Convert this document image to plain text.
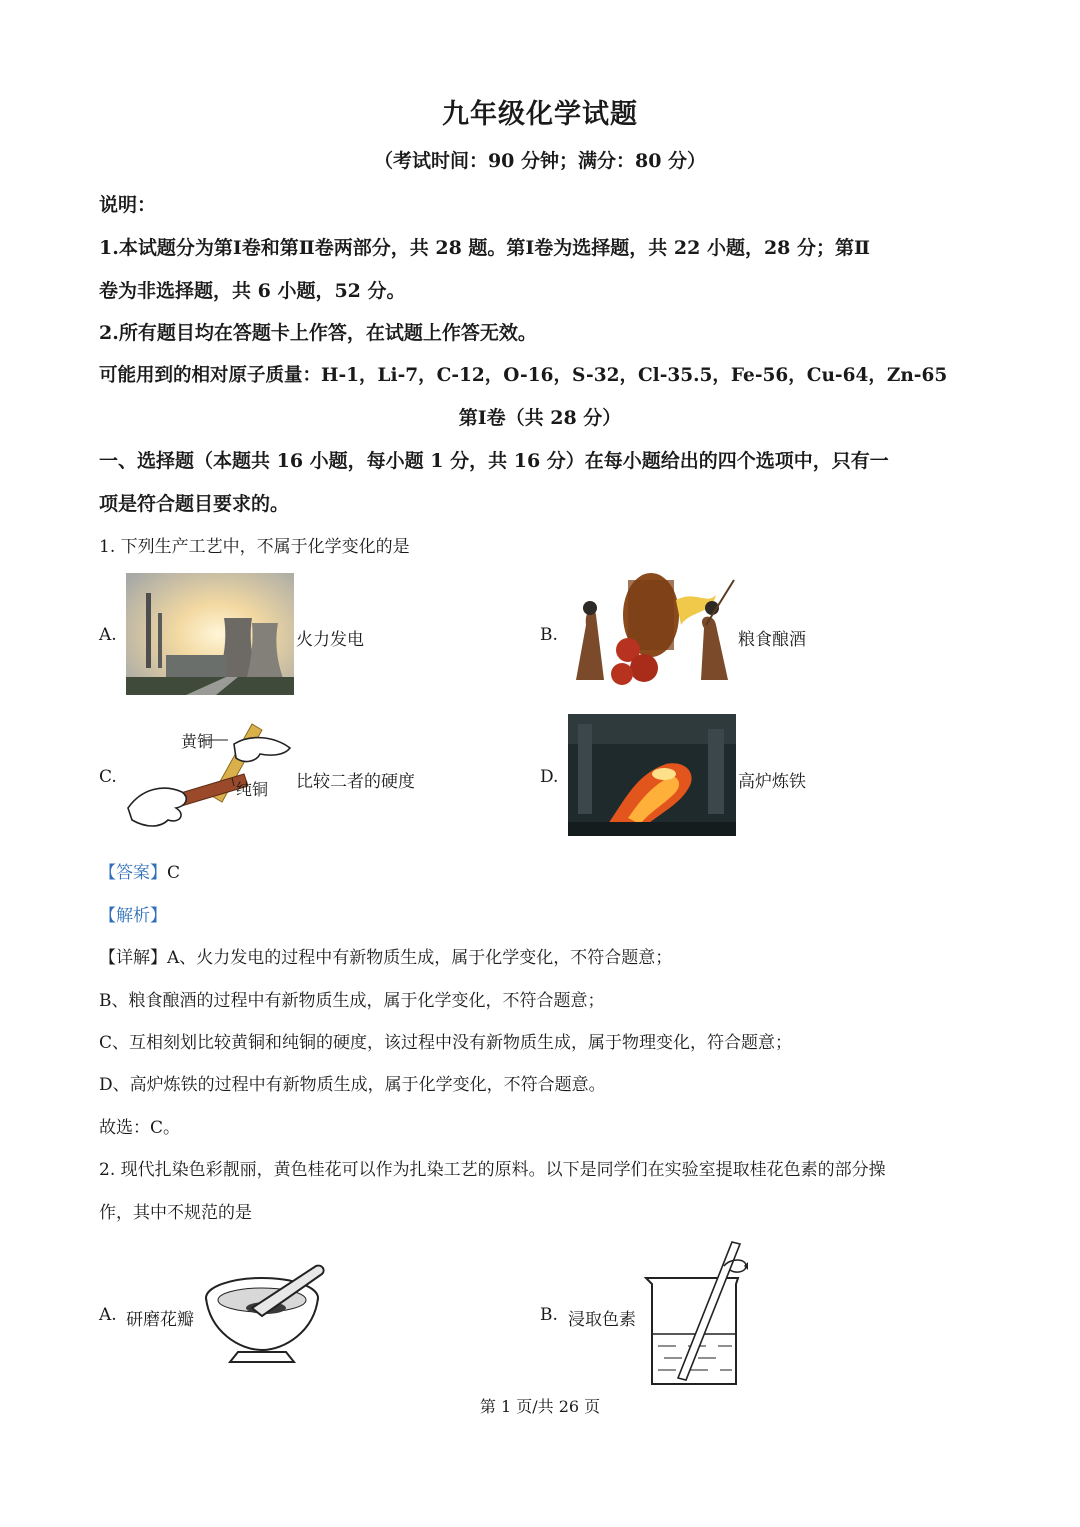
九年级化学试题
（考试时间：90 分钟；满分：80 分）
说明：
1.本试题分为第Ⅰ卷和第Ⅱ卷两部分，共 28 题。第Ⅰ卷为选择题，共 22 小题，28 分；第Ⅱ
卷为非选择题，共 6 小题，52 分。
2.所有题目均在答题卡上作答，在试题上作答无效。
可能用到的相对原子质量：H-1，Li-7，C-12，O-16，S-32，Cl-35.5，Fe-56，Cu-64，Zn-65
第Ⅰ卷（共 28 分）
一、选择题（本题共 16 小题，每小题 1 分，共 16 分）在每小题给出的四个选项中，只有一
项是符合题目要求的。
1. 下列生产工艺中，不属于化学变化的是
A.	火力发电	B.	粮食酿酒
C.
黄铜
纯铜 比较二者的硬度	D.	高炉炼铁
【答案】C
【解析】
【详解】A、火力发电的过程中有新物质生成，属于化学变化，不符合题意；
B、粮食酿酒的过程中有新物质生成，属于化学变化，不符合题意；
C、互相刻划比较黄铜和纯铜的硬度，该过程中没有新物质生成，属于物理变化，符合题意；
D、高炉炼铁的过程中有新物质生成，属于化学变化，不符合题意。
故选：C。
2. 现代扎染色彩靓丽，黄色桂花可以作为扎染工艺的原料。以下是同学们在实验室提取桂花色素的部分操
作，其中不规范的是
A. 研磨花瓣	B. 浸取色素
第 1 页/共 26 页
